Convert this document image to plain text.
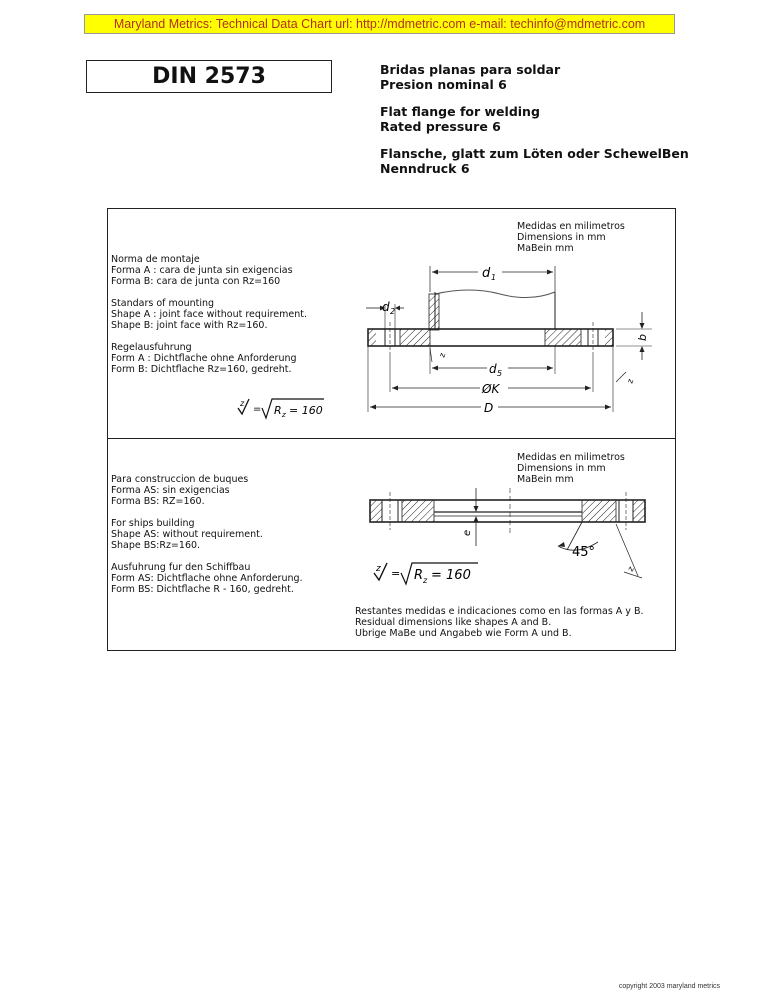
Maryland Metrics: Technical Data Chart url: http://mdmetric.com e-mail: techinfo@mdmetric.com
DIN 2573	Bridas planas para soldar
Presion nominal 6

Flat flange for welding
Rated pressure 6

Flansche, glatt zum Löten oder SchewelBen
Nenndruck 6

Medidas en milimetros
Dimensions in mm
MaBein mm
Norma de montaje
Forma A : cara de junta sin exigencias
Forma B: cara de junta con Rz=160
Standars of mounting
Shape A : joint face without requirement.
Shape B: joint face with Rz=160.
Regelausfuhrung
Form A : Dichtflache ohne Anforderung
Form B: Dichtflache Rz=160, gedreht.
z
= R z = 160
d 1
d 2
b
z
z
d 5
ØK
D
Medidas en milimetros
Dimensions in mm
MaBein mm
Para construccion de buques
Forma AS: sin exigencias
Forma BS: RZ=160.
For ships building
Shape AS: without requirement.
Shape BS:Rz=160.
Ausfuhrung fur den Schiffbau
Form AS: Dichtflache ohne Anforderung.
Form BS: Dichtflache R - 160, gedreht.
e
45°
z
z = R z = 160
Restantes medidas e indicaciones como en las formas A y B.
Residual dimensions like shapes A and B.
Ubrige MaBe und Angabeb wie Form A und B.
copyright 2003 maryland metrics
